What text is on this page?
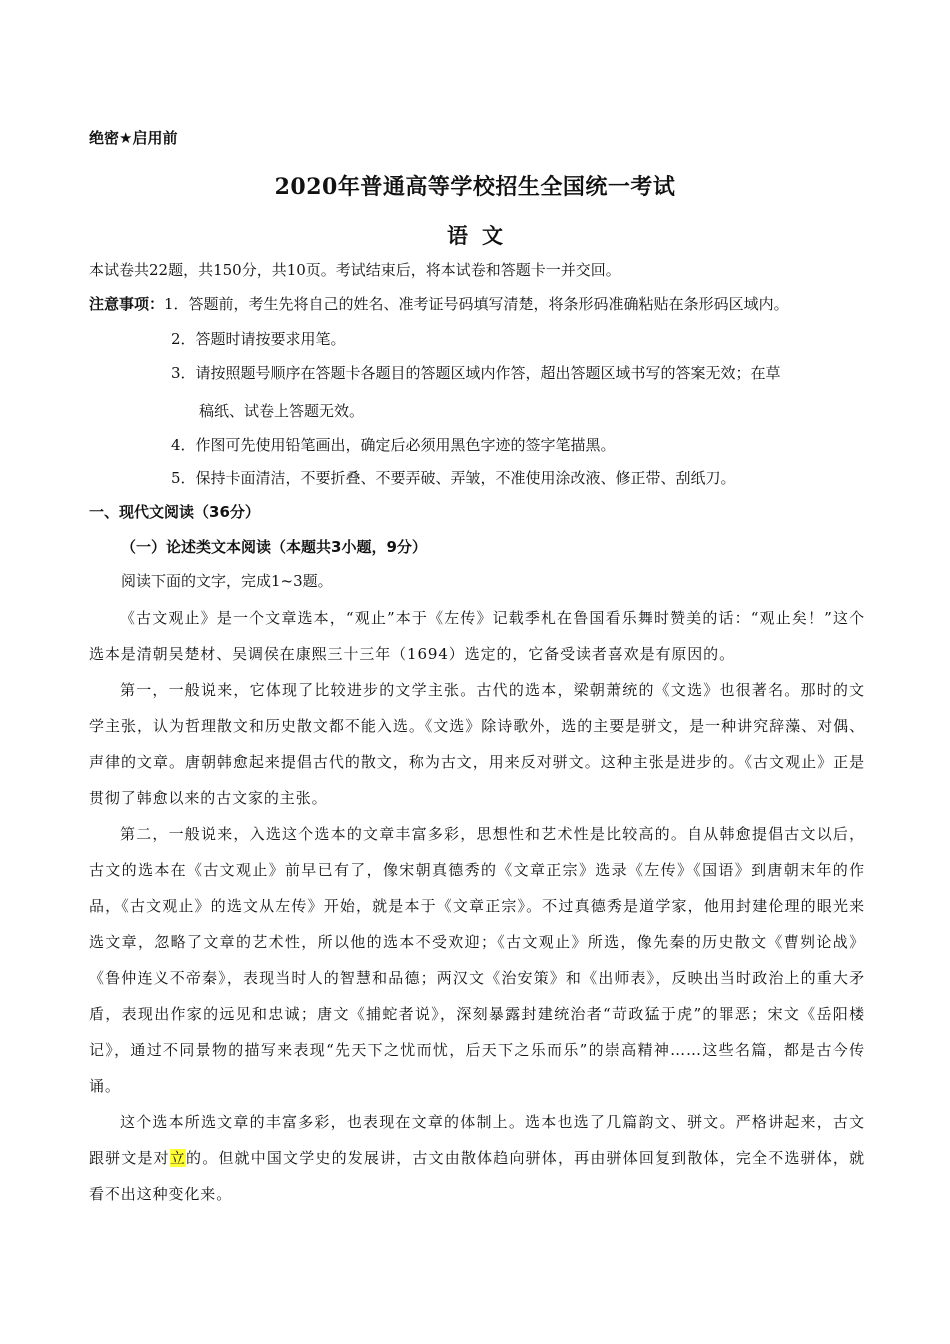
绝密★启用前
2020年普通高等学校招生全国统一考试
语文
本试卷共22题，共150分，共10页。考试结束后，将本试卷和答题卡一并交回。
注意事项：1．答题前，考生先将自己的姓名、准考证号码填写清楚，将条形码准确粘贴在条形码区域内。
2．答题时请按要求用笔。
3．请按照题号顺序在答题卡各题目的答题区域内作答，超出答题区域书写的答案无效；在草
稿纸、试卷上答题无效。
4．作图可先使用铅笔画出，确定后必须用黑色字迹的签字笔描黑。
5．保持卡面清洁，不要折叠、不要弄破、弄皱，不准使用涂改液、修正带、刮纸刀。
一、现代文阅读（36分）
（一）论述类文本阅读（本题共3小题，9分）
阅读下面的文字，完成1~3题。

《古文观止》是一个文章选本，“观止”本于《左传》记载季札在鲁国看乐舞时赞美的话：“观止矣！”这个选本是清朝吴楚材、吴调侯在康熙三十三年（1694）选定的，它备受读者喜欢是有原因的。

第一，一般说来，它体现了比较进步的文学主张。古代的选本，梁朝萧统的《文选》也很著名。那时的文学主张，认为哲理散文和历史散文都不能入选。《文选》除诗歌外，选的主要是骈文，是一种讲究辞藻、对偶、声律的文章。唐朝韩愈起来提倡古代的散文，称为古文，用来反对骈文。这种主张是进步的。《古文观止》正是贯彻了韩愈以来的古文家的主张。

第二，一般说来，入选这个选本的文章丰富多彩，思想性和艺术性是比较高的。自从韩愈提倡古文以后，古文的选本在《古文观止》前早已有了，像宋朝真德秀的《文章正宗》选录《左传》《国语》到唐朝末年的作品，《古文观止》的选文从左传》开始，就是本于《文章正宗》。不过真德秀是道学家，他用封建伦理的眼光来选文章，忽略了文章的艺术性，所以他的选本不受欢迎；《古文观止》所选，像先秦的历史散文《曹刿论战》《鲁仲连义不帝秦》，表现当时人的智慧和品德；两汉文《治安策》和《出师表》，反映出当时政治上的重大矛盾，表现出作家的远见和忠诚；唐文《捕蛇者说》，深刻暴露封建统治者“苛政猛于虎”的罪恶；宋文《岳阳楼记》，通过不同景物的描写来表现“先天下之忧而忧，后天下之乐而乐”的崇高精神……这些名篇，都是古今传诵。

这个选本所选文章的丰富多彩，也表现在文章的体制上。选本也选了几篇韵文、骈文。严格讲起来，古文跟骈文是对立的。但就中国文学史的发展讲，古文由散体趋向骈体，再由骈体回复到散体，完全不选骈体，就看不出这种变化来。
